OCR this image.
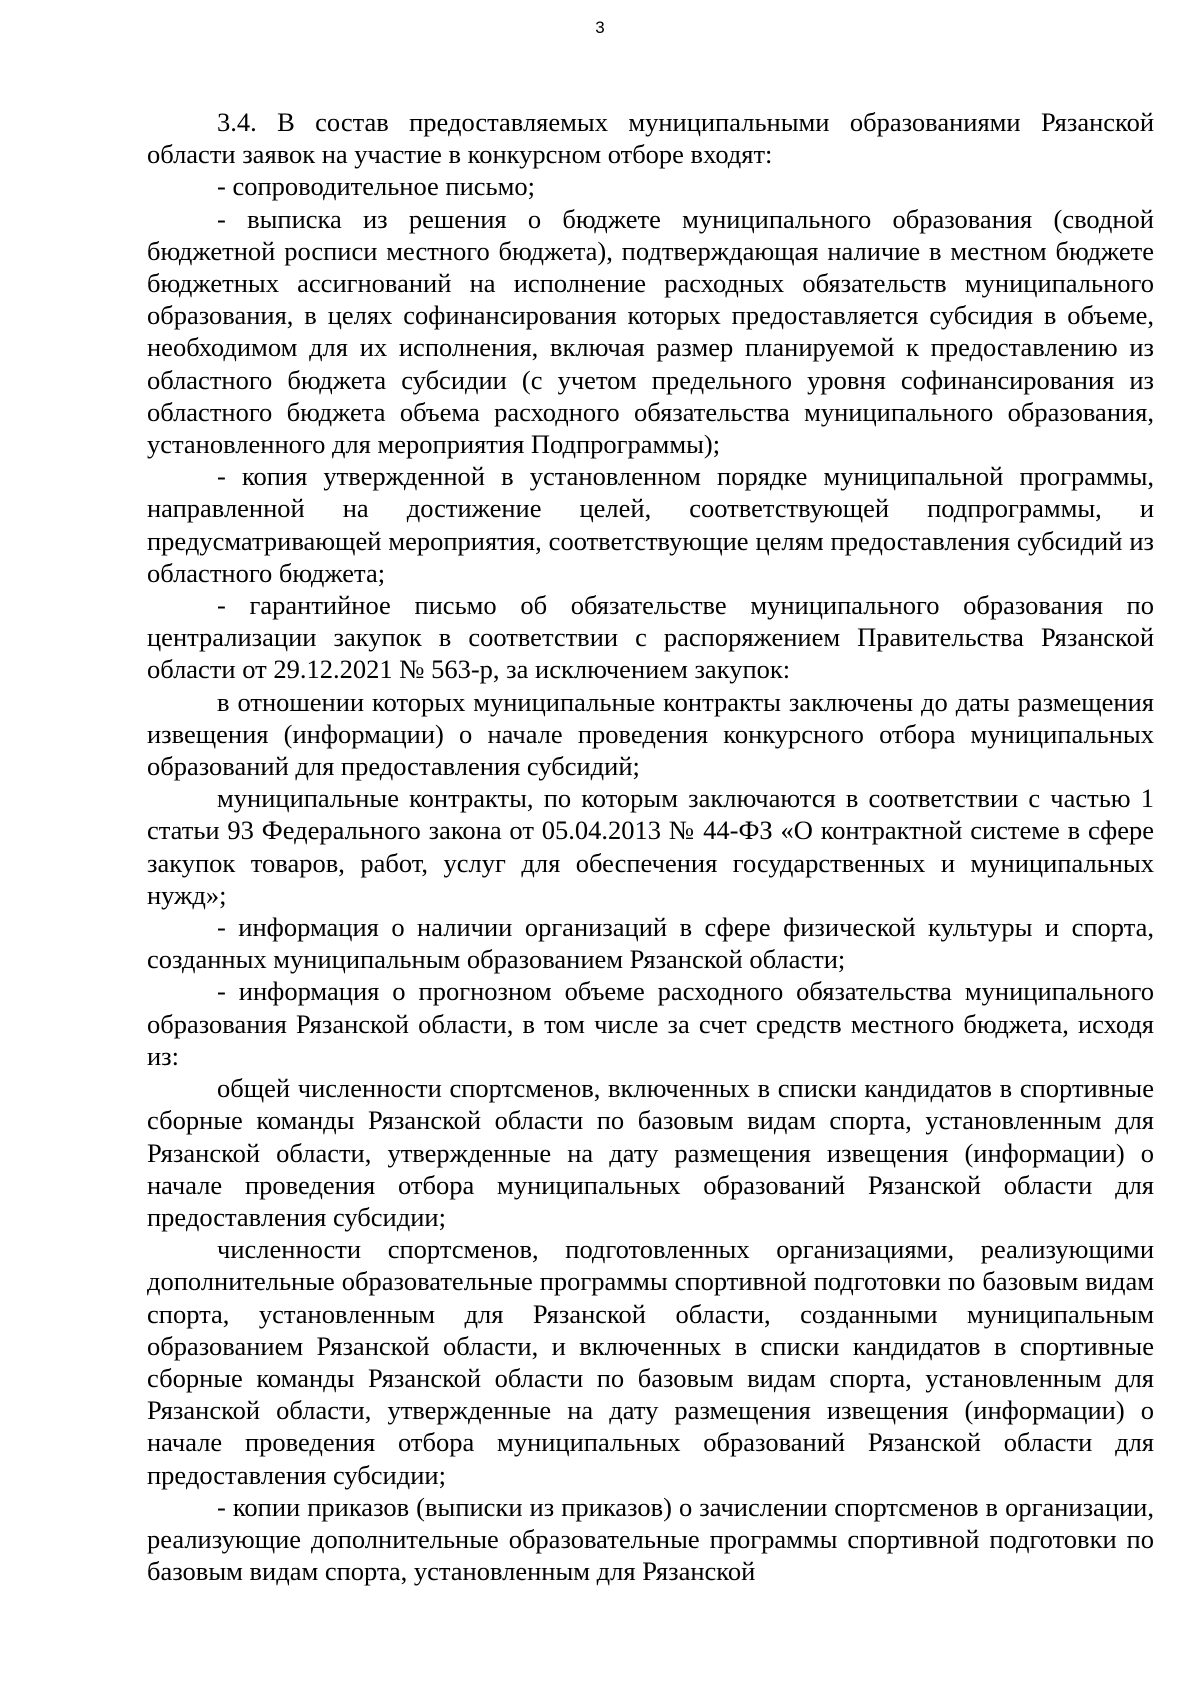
3

3.4. В состав предоставляемых муниципальными образованиями Рязанской области заявок на участие в конкурсном отборе входят:

- сопроводительное письмо;

- выписка из решения о бюджете муниципального образования (сводной бюджетной росписи местного бюджета), подтверждающая наличие в местном бюджете бюджетных ассигнований на исполнение расходных обязательств муниципального образования, в целях софинансирования которых предоставляется субсидия в объеме, необходимом для их исполнения, включая размер планируемой к предоставлению из областного бюджета субсидии (с учетом предельного уровня софинансирования из областного бюджета объема расходного обязательства муниципального образования, установленного для мероприятия Подпрограммы);

- копия утвержденной в установленном порядке муниципальной программы, направленной на достижение целей, соответствующей подпрограммы, и предусматривающей мероприятия, соответствующие целям предоставления субсидий из областного бюджета;

- гарантийное письмо об обязательстве муниципального образования по централизации закупок в соответствии с распоряжением Правительства Рязанской области от 29.12.2021 № 563-р, за исключением закупок:

в отношении которых муниципальные контракты заключены до даты размещения извещения (информации) о начале проведения конкурсного отбора муниципальных образований для предоставления субсидий;

муниципальные контракты, по которым заключаются в соответствии с частью 1 статьи 93 Федерального закона от 05.04.2013 № 44-ФЗ «О контрактной системе в сфере закупок товаров, работ, услуг для обеспечения государственных и муниципальных нужд»;

- информация о наличии организаций в сфере физической культуры и спорта, созданных муниципальным образованием Рязанской области;

- информация о прогнозном объеме расходного обязательства муниципального образования Рязанской области, в том числе за счет средств местного бюджета, исходя из:

общей численности спортсменов, включенных в списки кандидатов в спортивные сборные команды Рязанской области по базовым видам спорта, установленным для Рязанской области, утвержденные на дату размещения извещения (информации) о начале проведения отбора муниципальных образований Рязанской области для предоставления субсидии;

численности спортсменов, подготовленных организациями, реализующими дополнительные образовательные программы спортивной подготовки по базовым видам спорта, установленным для Рязанской области, созданными муниципальным образованием Рязанской области, и включенных в списки кандидатов в спортивные сборные команды Рязанской области по базовым видам спорта, установленным для Рязанской области, утвержденные на дату размещения извещения (информации) о начале проведения отбора муниципальных образований Рязанской области для предоставления субсидии;

- копии приказов (выписки из приказов) о зачислении спортсменов в организации, реализующие дополнительные образовательные программы спортивной подготовки по базовым видам спорта, установленным для Рязанской
